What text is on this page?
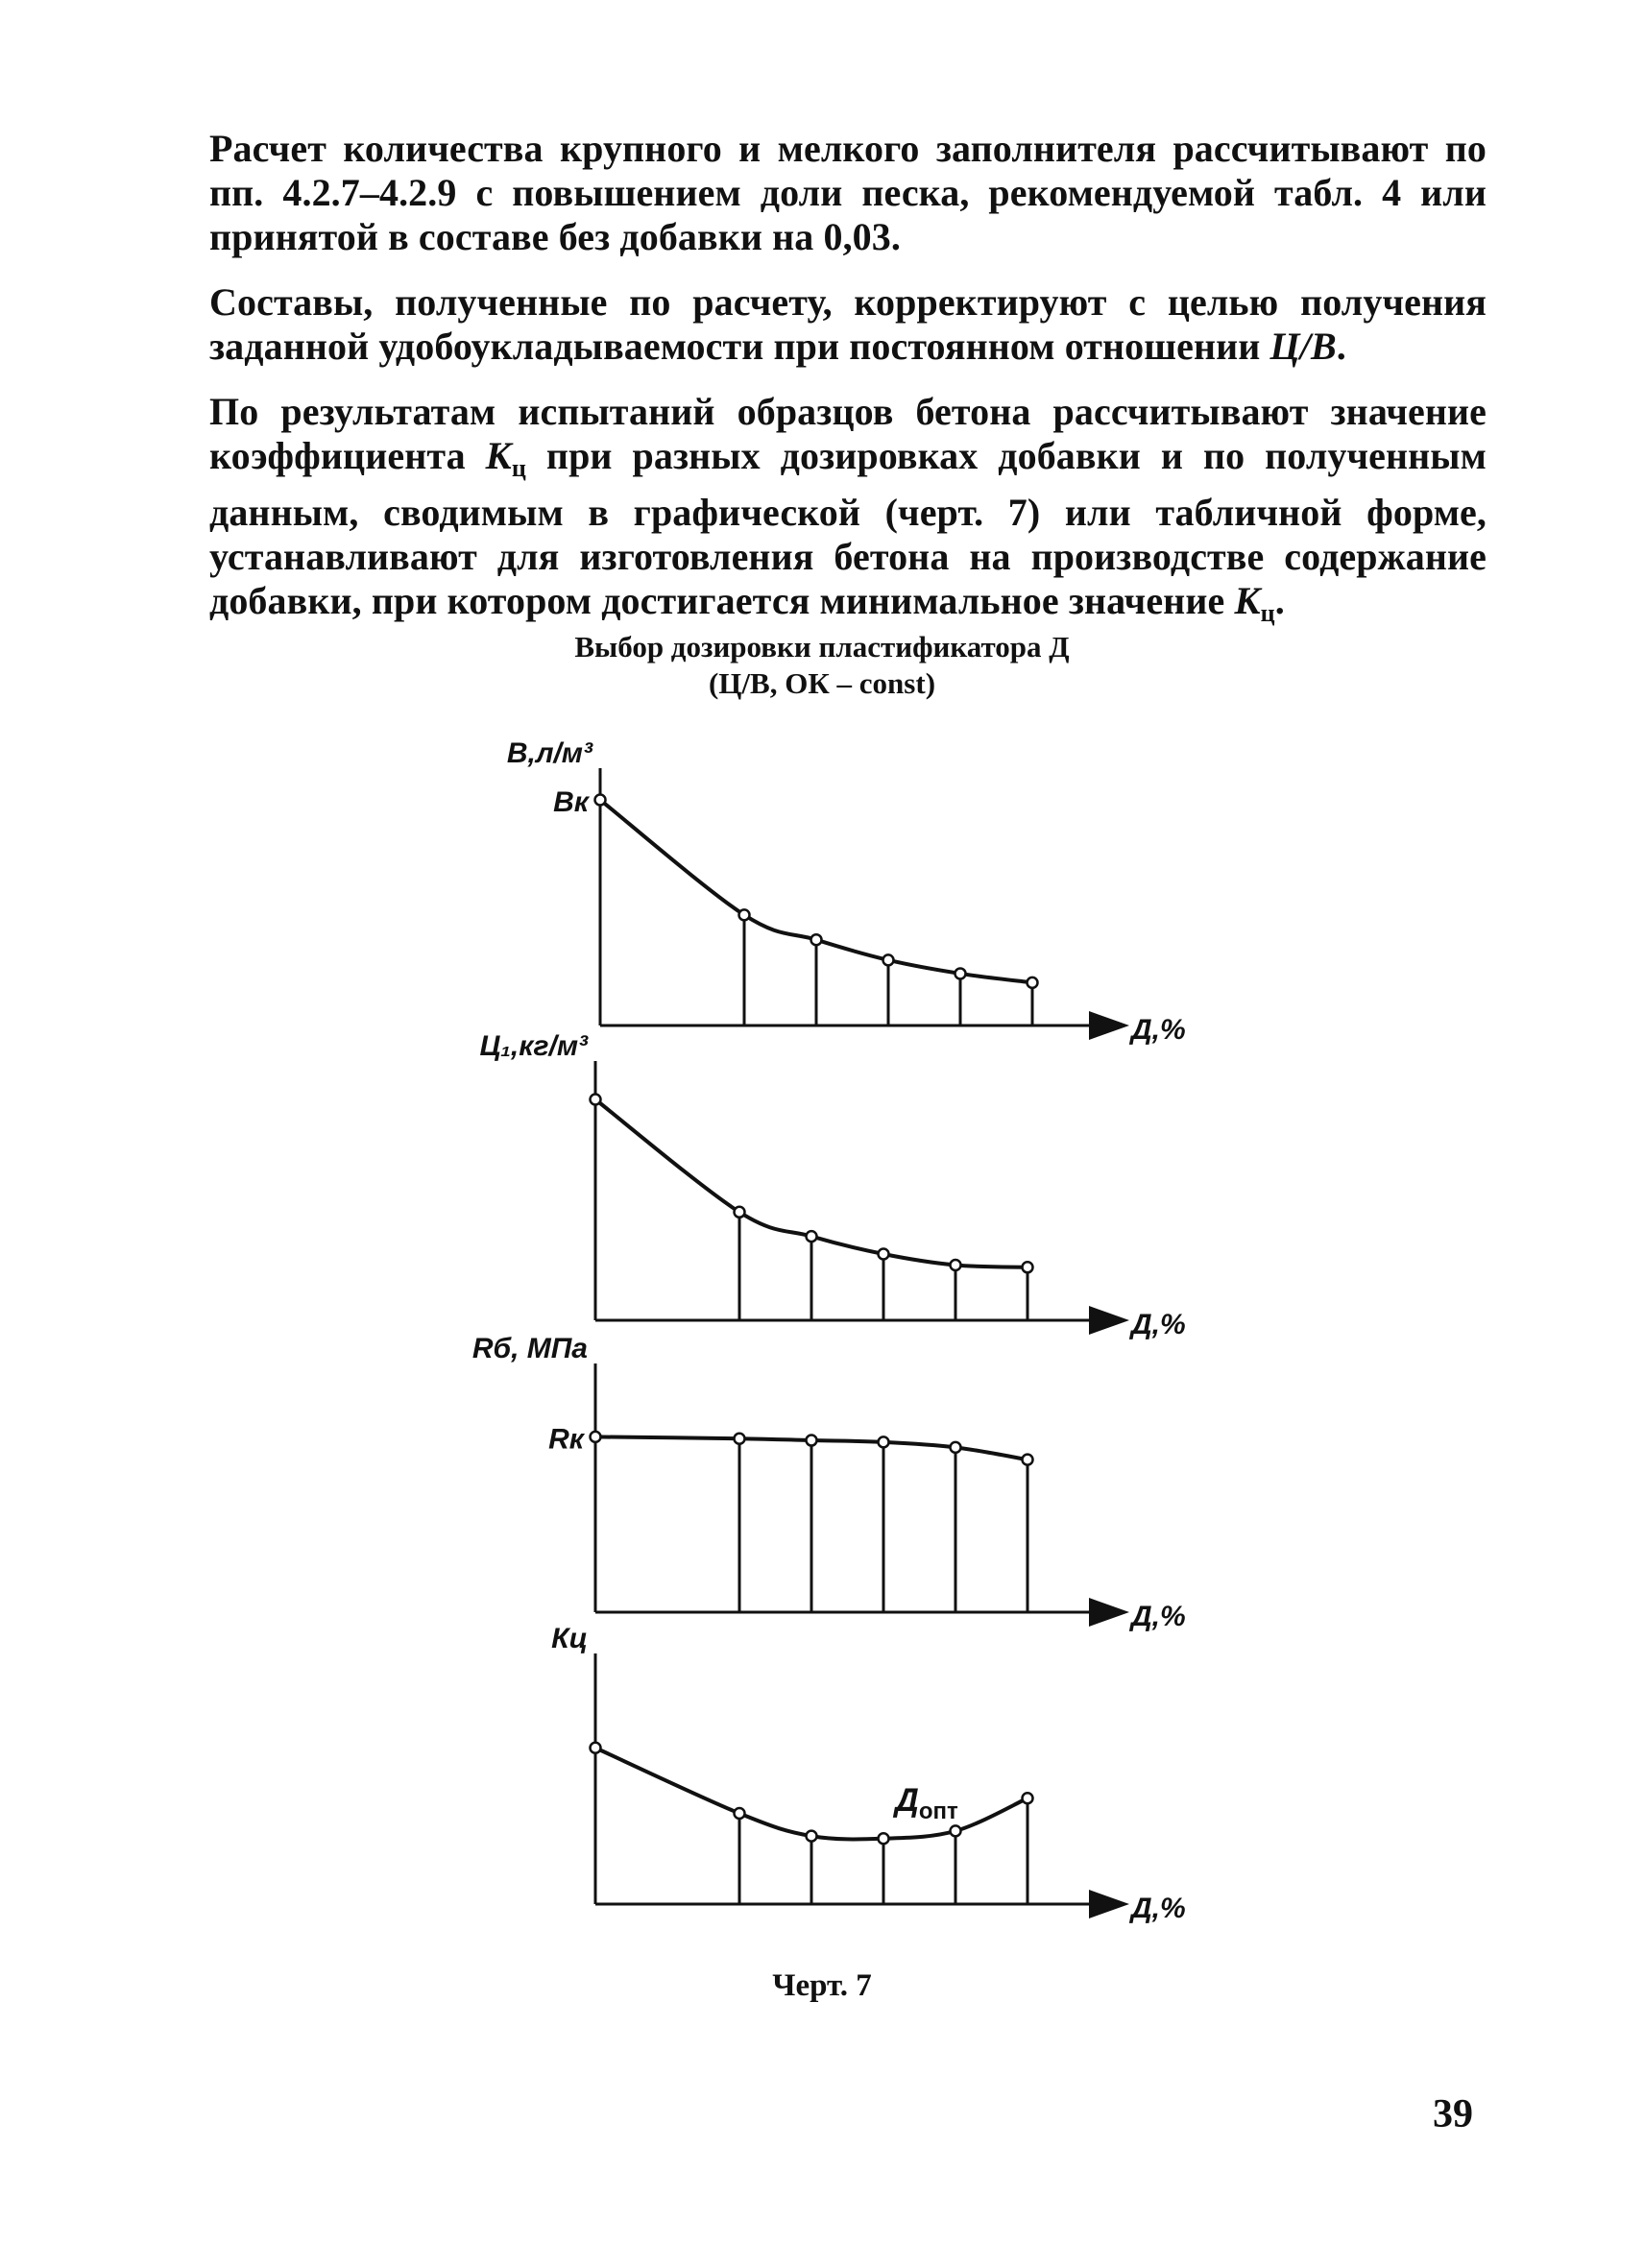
Расчет количества крупного и мелкого заполнителя рассчитывают по пп. 4.2.7–4.2.9 с повышением доли песка, рекомендуемой табл. 4 или принятой в составе без добавки на 0,03.

Составы, полученные по расчету, корректируют с целью получения заданной удобоукладываемости при постоянном отношении Ц/В.

По результатам испытаний образцов бетона рассчитывают значение коэффициента $К_ц$ при разных дозировках добавки и по полученным данным, сводимым в графической (черт. 7) или табличной форме, устанавливают для изготовления бетона на производстве содержание добавки, при котором достигается минимальное значение $К_ц$.

Выбор дозировки пластификатора Д
(Ц/В, ОК – const)
Д,%
В,л/м³
Вк
Д,%
Ц₁,кг/м³
Д,%
Rб, МПа
Rк
Д,%
Кц
$Д_{опт}$
Черт. 7
39
